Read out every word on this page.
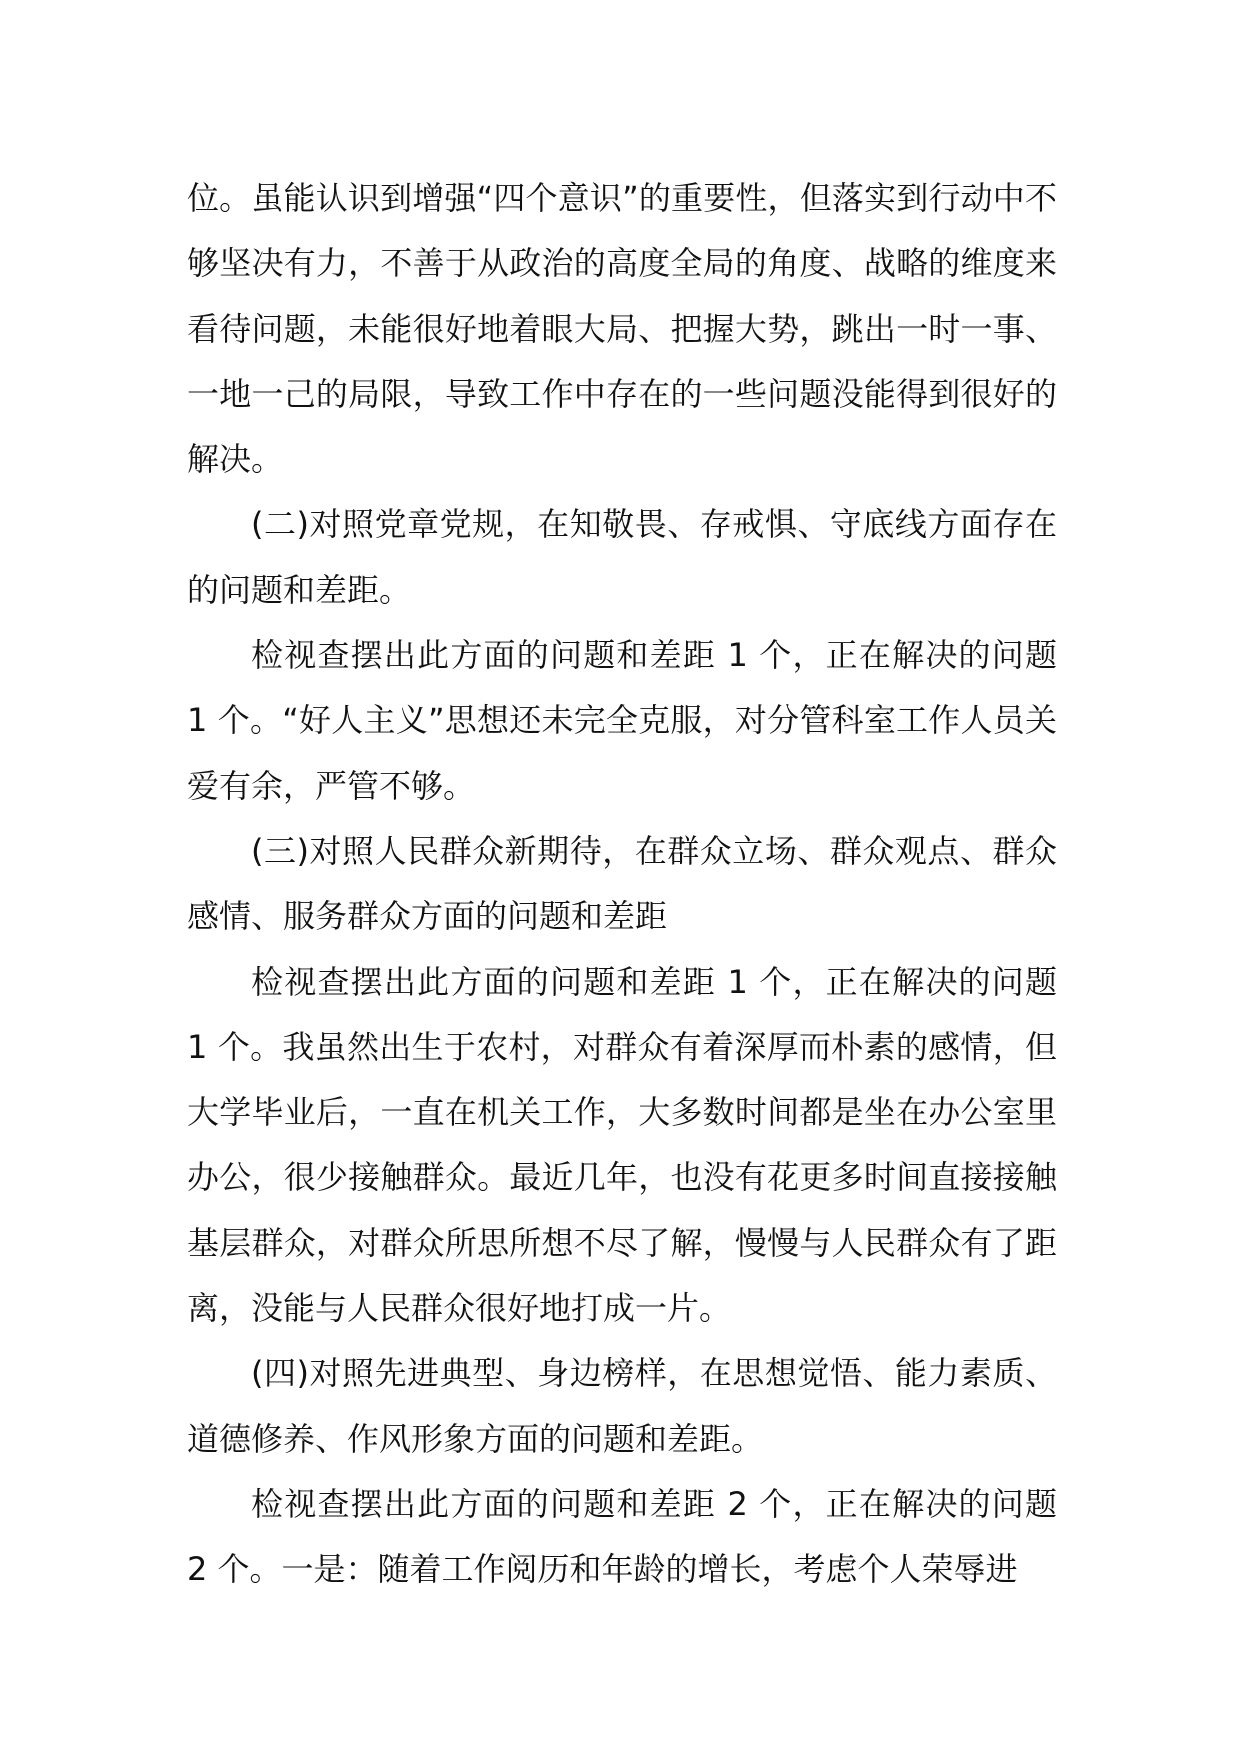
位。虽能认识到增强“四个意识”的重要性，但落实到行动中不够坚决有力，不善于从政治的高度全局的角度、战略的维度来看待问题，未能很好地着眼大局、把握大势，跳出一时一事、一地一己的局限，导致工作中存在的一些问题没能得到很好的解决。

(二)对照党章党规，在知敬畏、存戒惧、守底线方面存在的问题和差距。

检视查摆出此方面的问题和差距 1 个，正在解决的问题 1 个。“好人主义”思想还未完全克服，对分管科室工作人员关爱有余，严管不够。

(三)对照人民群众新期待，在群众立场、群众观点、群众感情、服务群众方面的问题和差距

检视查摆出此方面的问题和差距 1 个，正在解决的问题 1 个。我虽然出生于农村，对群众有着深厚而朴素的感情，但大学毕业后，一直在机关工作，大多数时间都是坐在办公室里办公，很少接触群众。最近几年，也没有花更多时间直接接触基层群众，对群众所思所想不尽了解，慢慢与人民群众有了距离，没能与人民群众很好地打成一片。

(四)对照先进典型、身边榜样，在思想觉悟、能力素质、道德修养、作风形象方面的问题和差距。

检视查摆出此方面的问题和差距 2 个，正在解决的问题 2 个。一是：随着工作阅历和年龄的增长，考虑个人荣辱进
